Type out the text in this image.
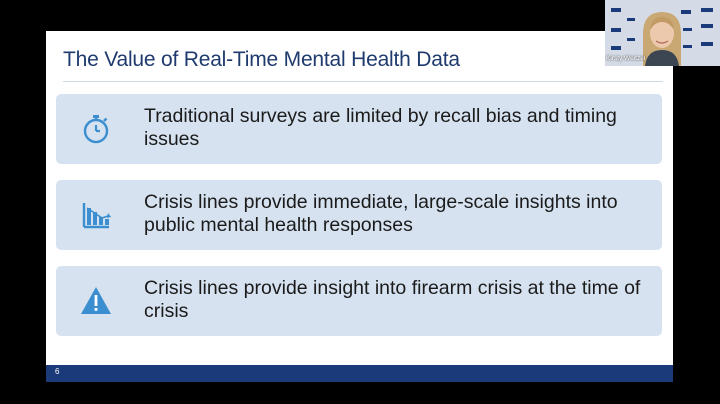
The Value of Real-Time Mental Health Data
Traditional surveys are limited by recall bias and timing issues
Crisis lines provide immediate, large-scale insights into public mental health responses
Crisis lines provide insight into firearm crisis at the time of crisis
6
Kirsty Weitzel
